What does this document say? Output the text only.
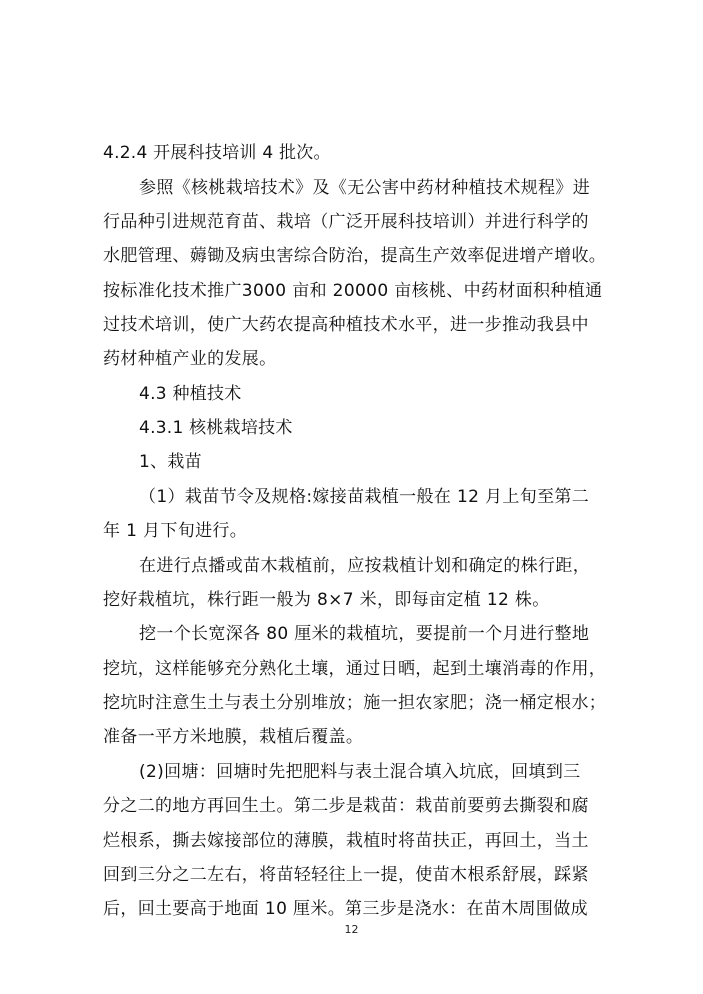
4.2.4 开展科技培训 4 批次。
参照《核桃栽培技术》及《无公害中药材种植技术规程》进
行品种引进规范育苗、栽培（广泛开展科技培训）并进行科学的
水肥管理、薅锄及病虫害综合防治，提高生产效率促进增产增收。
按标准化技术推广3000 亩和 20000 亩核桃、中药材面积种植通
过技术培训，使广大药农提高种植技术水平，进一步推动我县中
药材种植产业的发展。
4.3 种植技术
4.3.1 核桃栽培技术
1、栽苗
（1）栽苗节令及规格:嫁接苗栽植一般在 12 月上旬至第二
年 1 月下旬进行。
在进行点播或苗木栽植前，应按栽植计划和确定的株行距，
挖好栽植坑，株行距一般为 8×7 米，即每亩定植 12 株。
挖一个长宽深各 80 厘米的栽植坑，要提前一个月进行整地
挖坑，这样能够充分熟化土壤，通过日晒，起到土壤消毒的作用，
挖坑时注意生土与表土分别堆放；施一担农家肥；浇一桶定根水；
准备一平方米地膜，栽植后覆盖。
(2)回塘：回塘时先把肥料与表土混合填入坑底，回填到三
分之二的地方再回生土。第二步是栽苗：栽苗前要剪去撕裂和腐
烂根系，撕去嫁接部位的薄膜，栽植时将苗扶正，再回土，当土
回到三分之二左右，将苗轻轻往上一提，使苗木根系舒展，踩紧
后，回土要高于地面 10 厘米。第三步是浇水：在苗木周围做成
12
